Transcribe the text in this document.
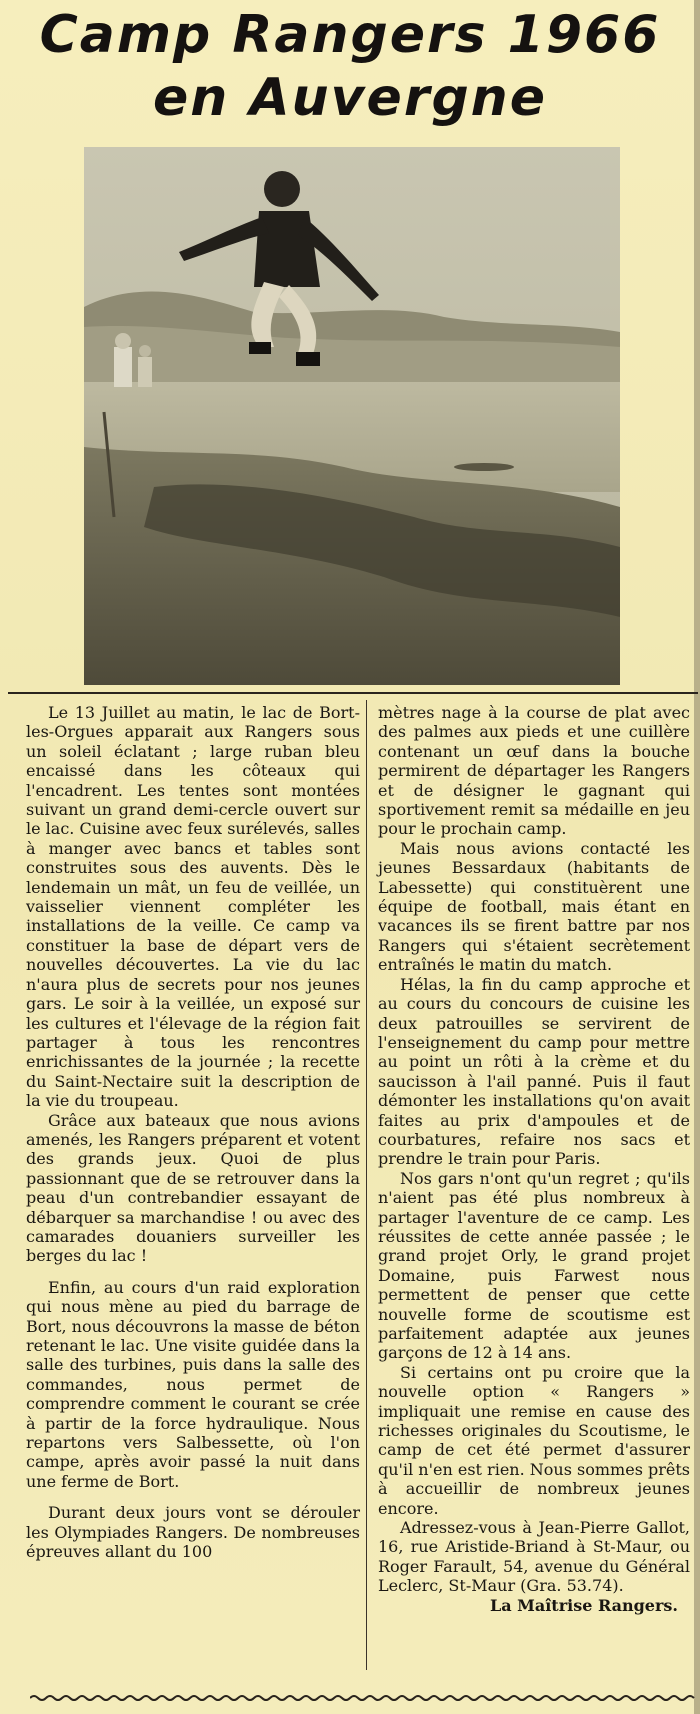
Camp Rangers 1966
en Auvergne

Le 13 Juillet au matin, le lac de Bort-les-Orgues apparait aux Rangers sous un soleil éclatant ; large ruban bleu encaissé dans les côteaux qui l'encadrent. Les tentes sont montées suivant un grand demi-cercle ouvert sur le lac. Cuisine avec feux surélevés, salles à manger avec bancs et tables sont construites sous des auvents. Dès le lendemain un mât, un feu de veillée, un vaisselier viennent compléter les installations de la veille. Ce camp va constituer la base de départ vers de nouvelles découvertes. La vie du lac n'aura plus de secrets pour nos jeunes gars. Le soir à la veillée, un exposé sur les cultures et l'élevage de la région fait partager à tous les rencontres enrichissantes de la journée ; la recette du Saint-Nectaire suit la description de la vie du troupeau.

Grâce aux bateaux que nous avions amenés, les Rangers préparent et votent des grands jeux. Quoi de plus passionnant que de se retrouver dans la peau d'un contrebandier essayant de débarquer sa marchandise ! ou avec des camarades douaniers surveiller les berges du lac !

Enfin, au cours d'un raid exploration qui nous mène au pied du barrage de Bort, nous découvrons la masse de béton retenant le lac. Une visite guidée dans la salle des turbines, puis dans la salle des commandes, nous permet de comprendre comment le courant se crée à partir de la force hydraulique. Nous repartons vers Salbessette, où l'on campe, après avoir passé la nuit dans une ferme de Bort.

Durant deux jours vont se dérouler les Olympiades Rangers. De nombreuses épreuves allant du 100

mètres nage à la course de plat avec des palmes aux pieds et une cuillère contenant un œuf dans la bouche permirent de départager les Rangers et de désigner le gagnant qui sportivement remit sa médaille en jeu pour le prochain camp.

Mais nous avions contacté les jeunes Bessardaux (habitants de Labessette) qui constituèrent une équipe de football, mais étant en vacances ils se firent battre par nos Rangers qui s'étaient secrètement entraînés le matin du match.

Hélas, la fin du camp approche et au cours du concours de cuisine les deux patrouilles se servirent de l'enseignement du camp pour mettre au point un rôti à la crème et du saucisson à l'ail panné. Puis il faut démonter les installations qu'on avait faites au prix d'ampoules et de courbatures, refaire nos sacs et prendre le train pour Paris.

Nos gars n'ont qu'un regret ; qu'ils n'aient pas été plus nombreux à partager l'aventure de ce camp. Les réussites de cette année passée ; le grand projet Orly, le grand projet Domaine, puis Farwest nous permettent de penser que cette nouvelle forme de scoutisme est parfaitement adaptée aux jeunes garçons de 12 à 14 ans.

Si certains ont pu croire que la nouvelle option « Rangers » impliquait une remise en cause des richesses originales du Scoutisme, le camp de cet été permet d'assurer qu'il n'en est rien. Nous sommes prêts à accueillir de nombreux jeunes encore.

Adressez-vous à Jean-Pierre Gallot, 16, rue Aristide-Briand à St-Maur, ou Roger Farault, 54, avenue du Général Leclerc, St-Maur (Gra. 53.74).

La Maîtrise Rangers.
